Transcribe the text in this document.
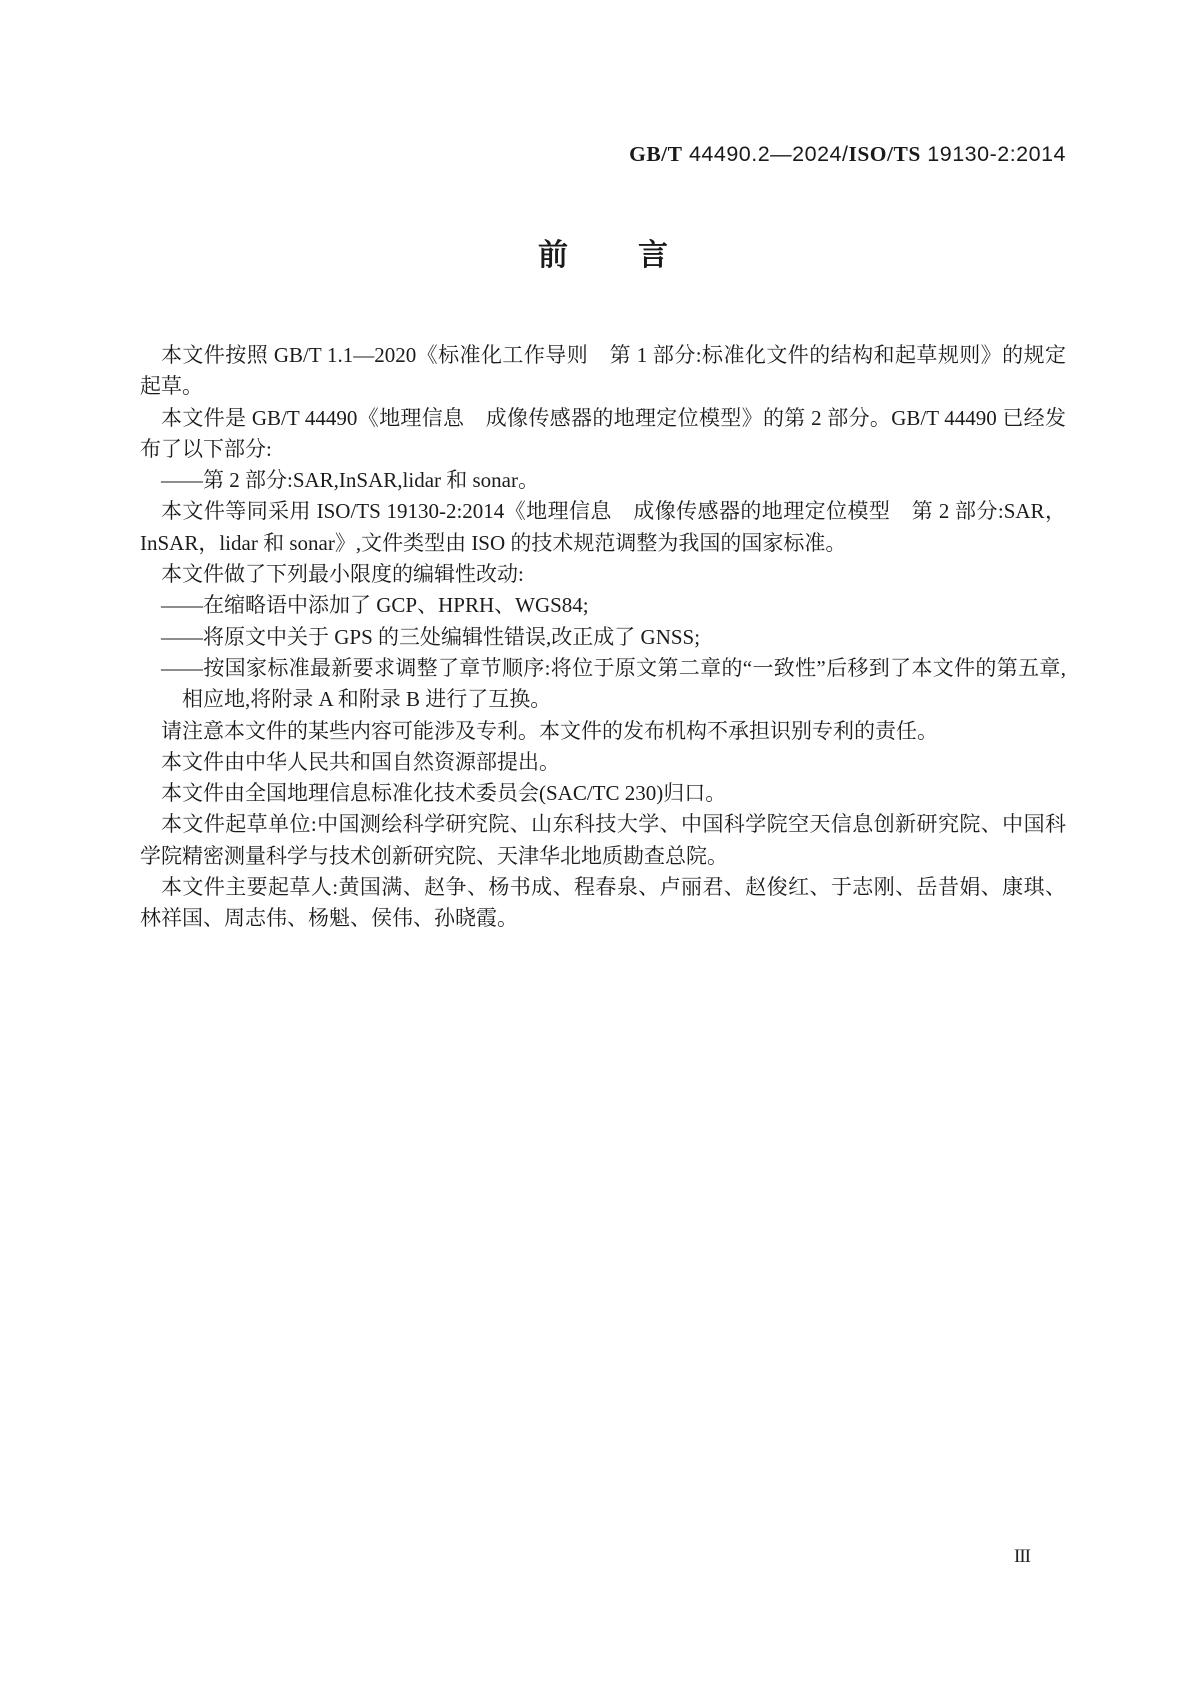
GB/T 44490.2—2024/ISO/TS 19130-2:2014
前 言

本文件按照 GB/T 1.1—2020《标准化工作导则　第 1 部分:标准化文件的结构和起草规则》的规定起草。

本文件是 GB/T 44490《地理信息　成像传感器的地理定位模型》的第 2 部分。GB/T 44490 已经发布了以下部分:

——第 2 部分:SAR,InSAR,lidar 和 sonar。

本文件等同采用 ISO/TS 19130-2:2014《地理信息　成像传感器的地理定位模型　第 2 部分:SAR，InSAR，lidar 和 sonar》,文件类型由 ISO 的技术规范调整为我国的国家标准。

本文件做了下列最小限度的编辑性改动:

——在缩略语中添加了 GCP、HPRH、WGS84;

——将原文中关于 GPS 的三处编辑性错误,改正成了 GNSS;

——按国家标准最新要求调整了章节顺序:将位于原文第二章的“一致性”后移到了本文件的第五章,相应地,将附录 A 和附录 B 进行了互换。

请注意本文件的某些内容可能涉及专利。本文件的发布机构不承担识别专利的责任。

本文件由中华人民共和国自然资源部提出。

本文件由全国地理信息标准化技术委员会(SAC/TC 230)归口。

本文件起草单位:中国测绘科学研究院、山东科技大学、中国科学院空天信息创新研究院、中国科学院精密测量科学与技术创新研究院、天津华北地质勘查总院。

本文件主要起草人:黄国满、赵争、杨书成、程春泉、卢丽君、赵俊红、于志刚、岳昔娟、康琪、林祥国、周志伟、杨魁、侯伟、孙晓霞。

III
